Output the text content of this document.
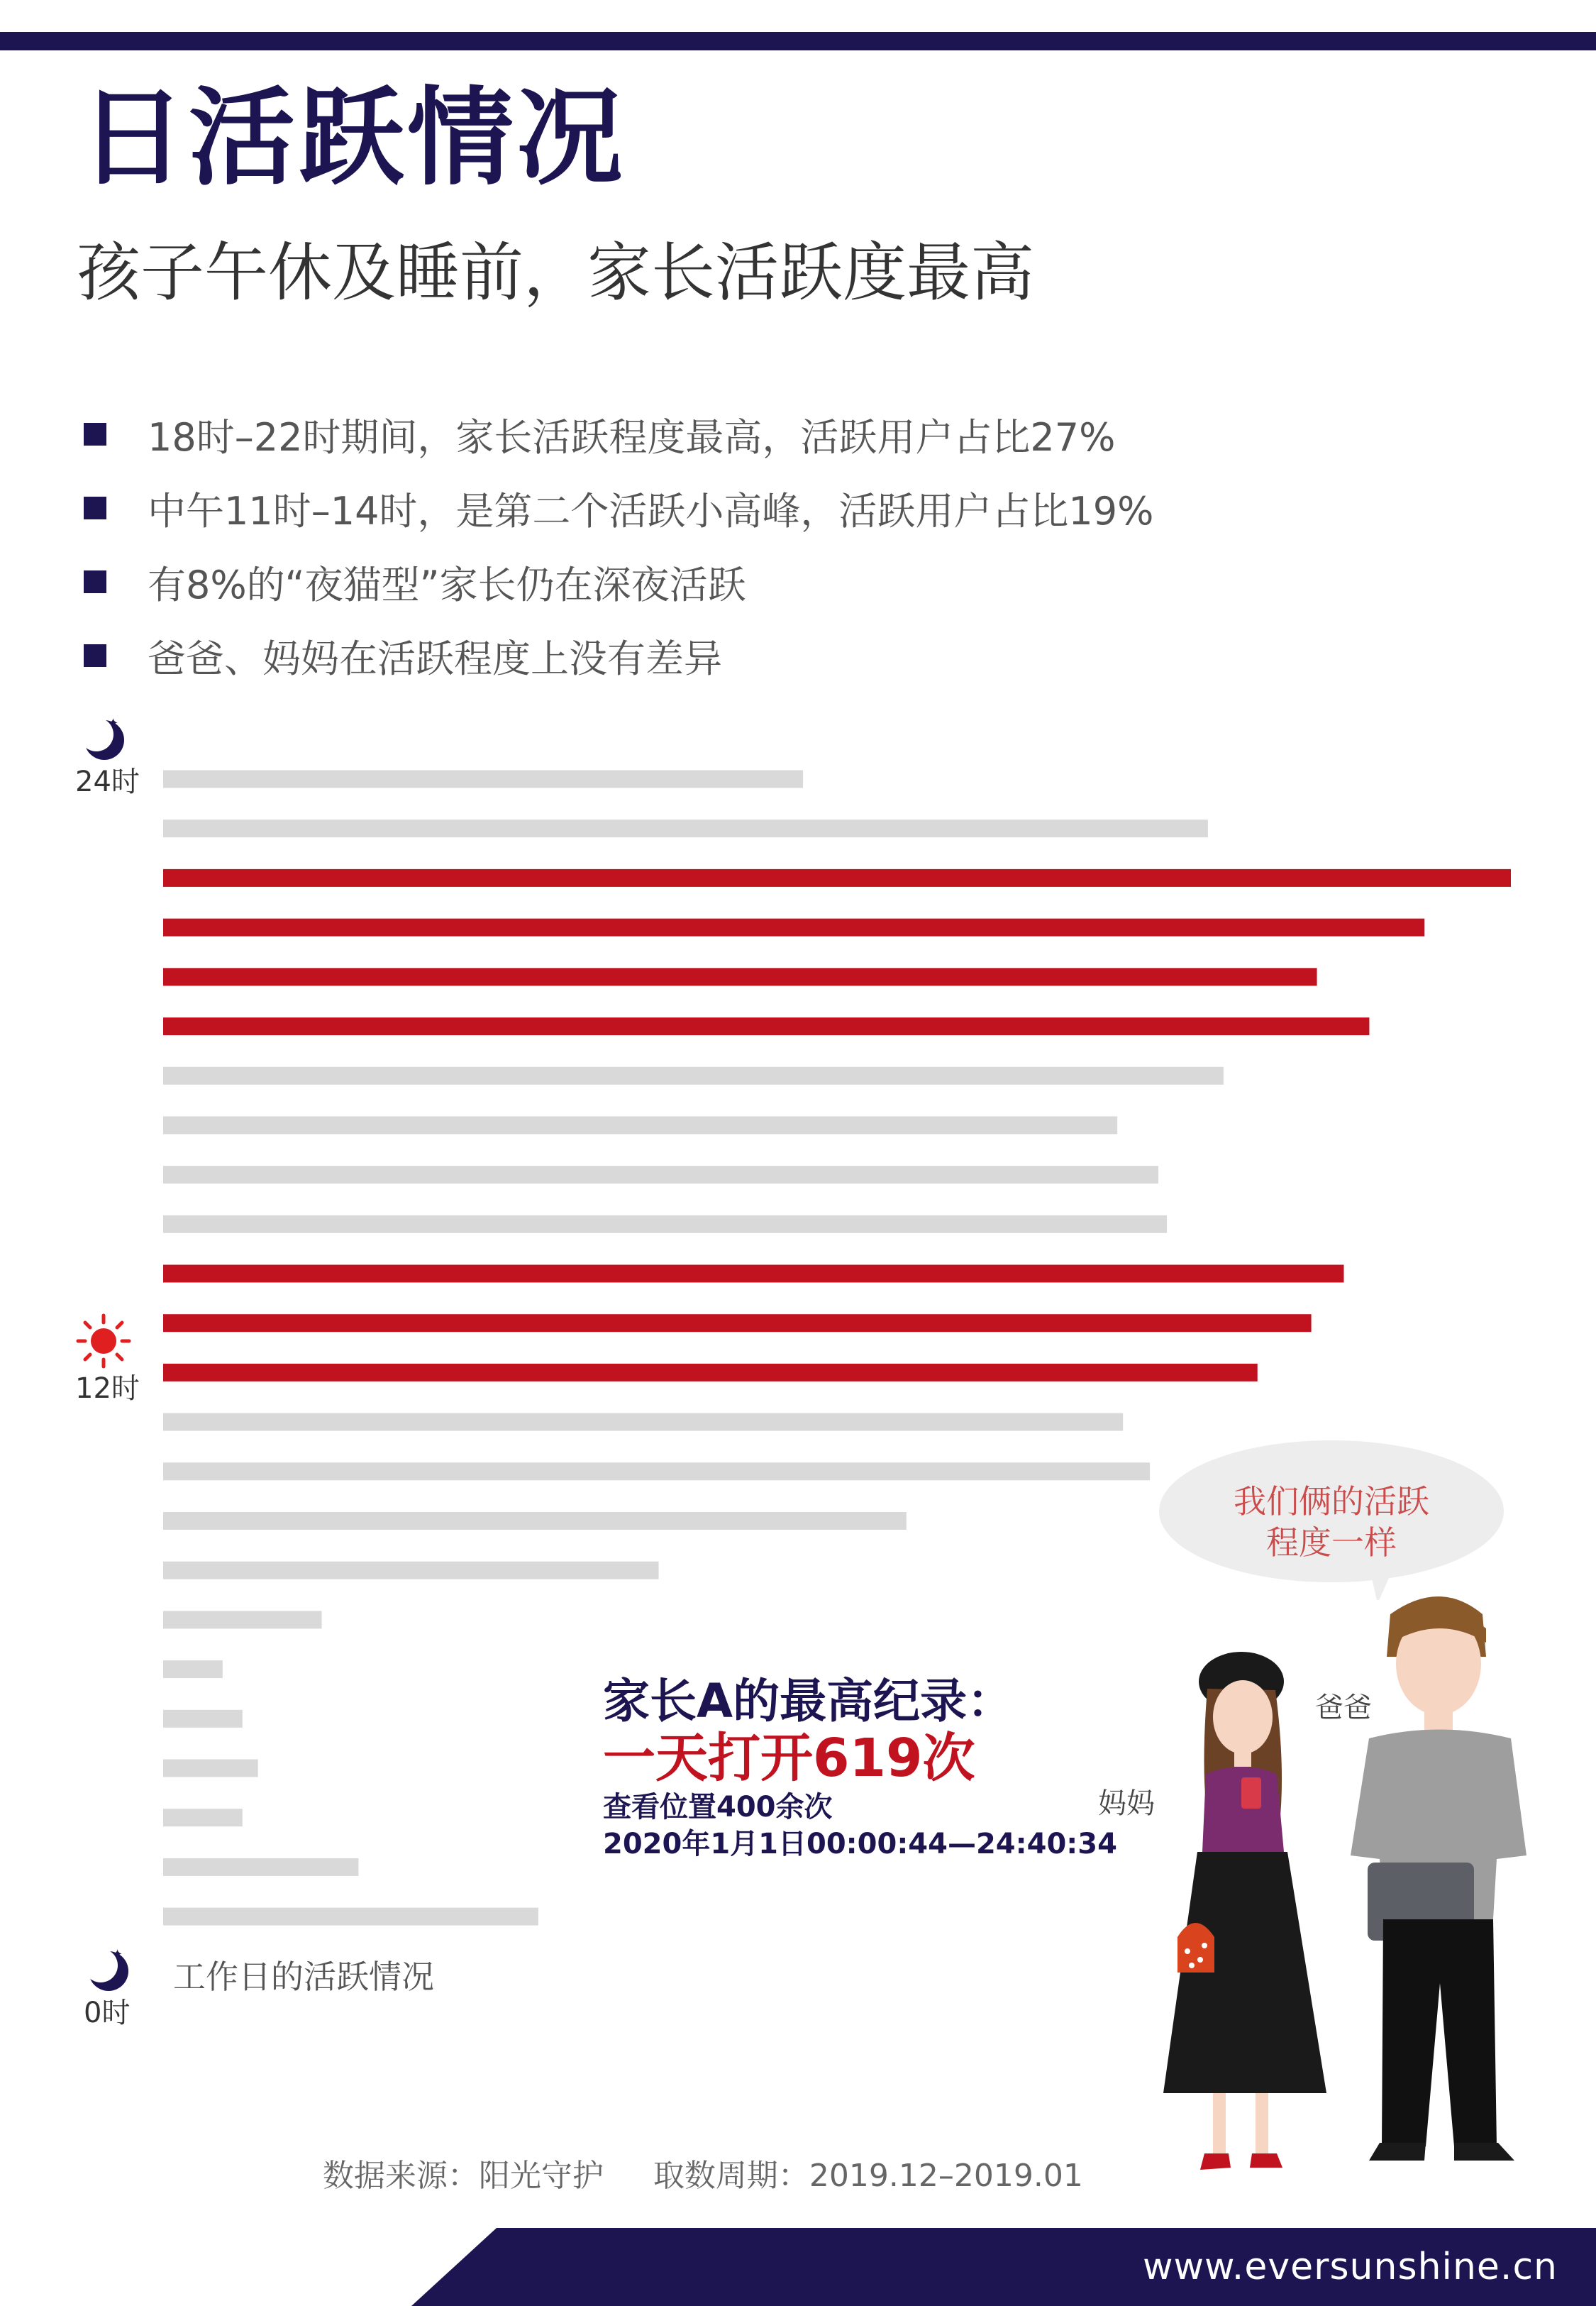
日活跃情况
孩子午休及睡前，家长活跃度最高
18时–22时期间，家长活跃程度最高，活跃用户占比27%
中午11时–14时，是第二个活跃小高峰，活跃用户占比19%
有8%的“夜猫型”家长仍在深夜活跃
爸爸、妈妈在活跃程度上没有差异
✦
24时
12时
✦
0时
工作日的活跃情况
家长A的最高纪录：
一天打开619次
查看位置400余次
2020年1月1日00:00:44—24:40:34
我们俩的活跃
程度一样
妈妈
爸爸
数据来源：阳光守护     取数周期：2019.12–2019.01
www.eversunshine.cn
